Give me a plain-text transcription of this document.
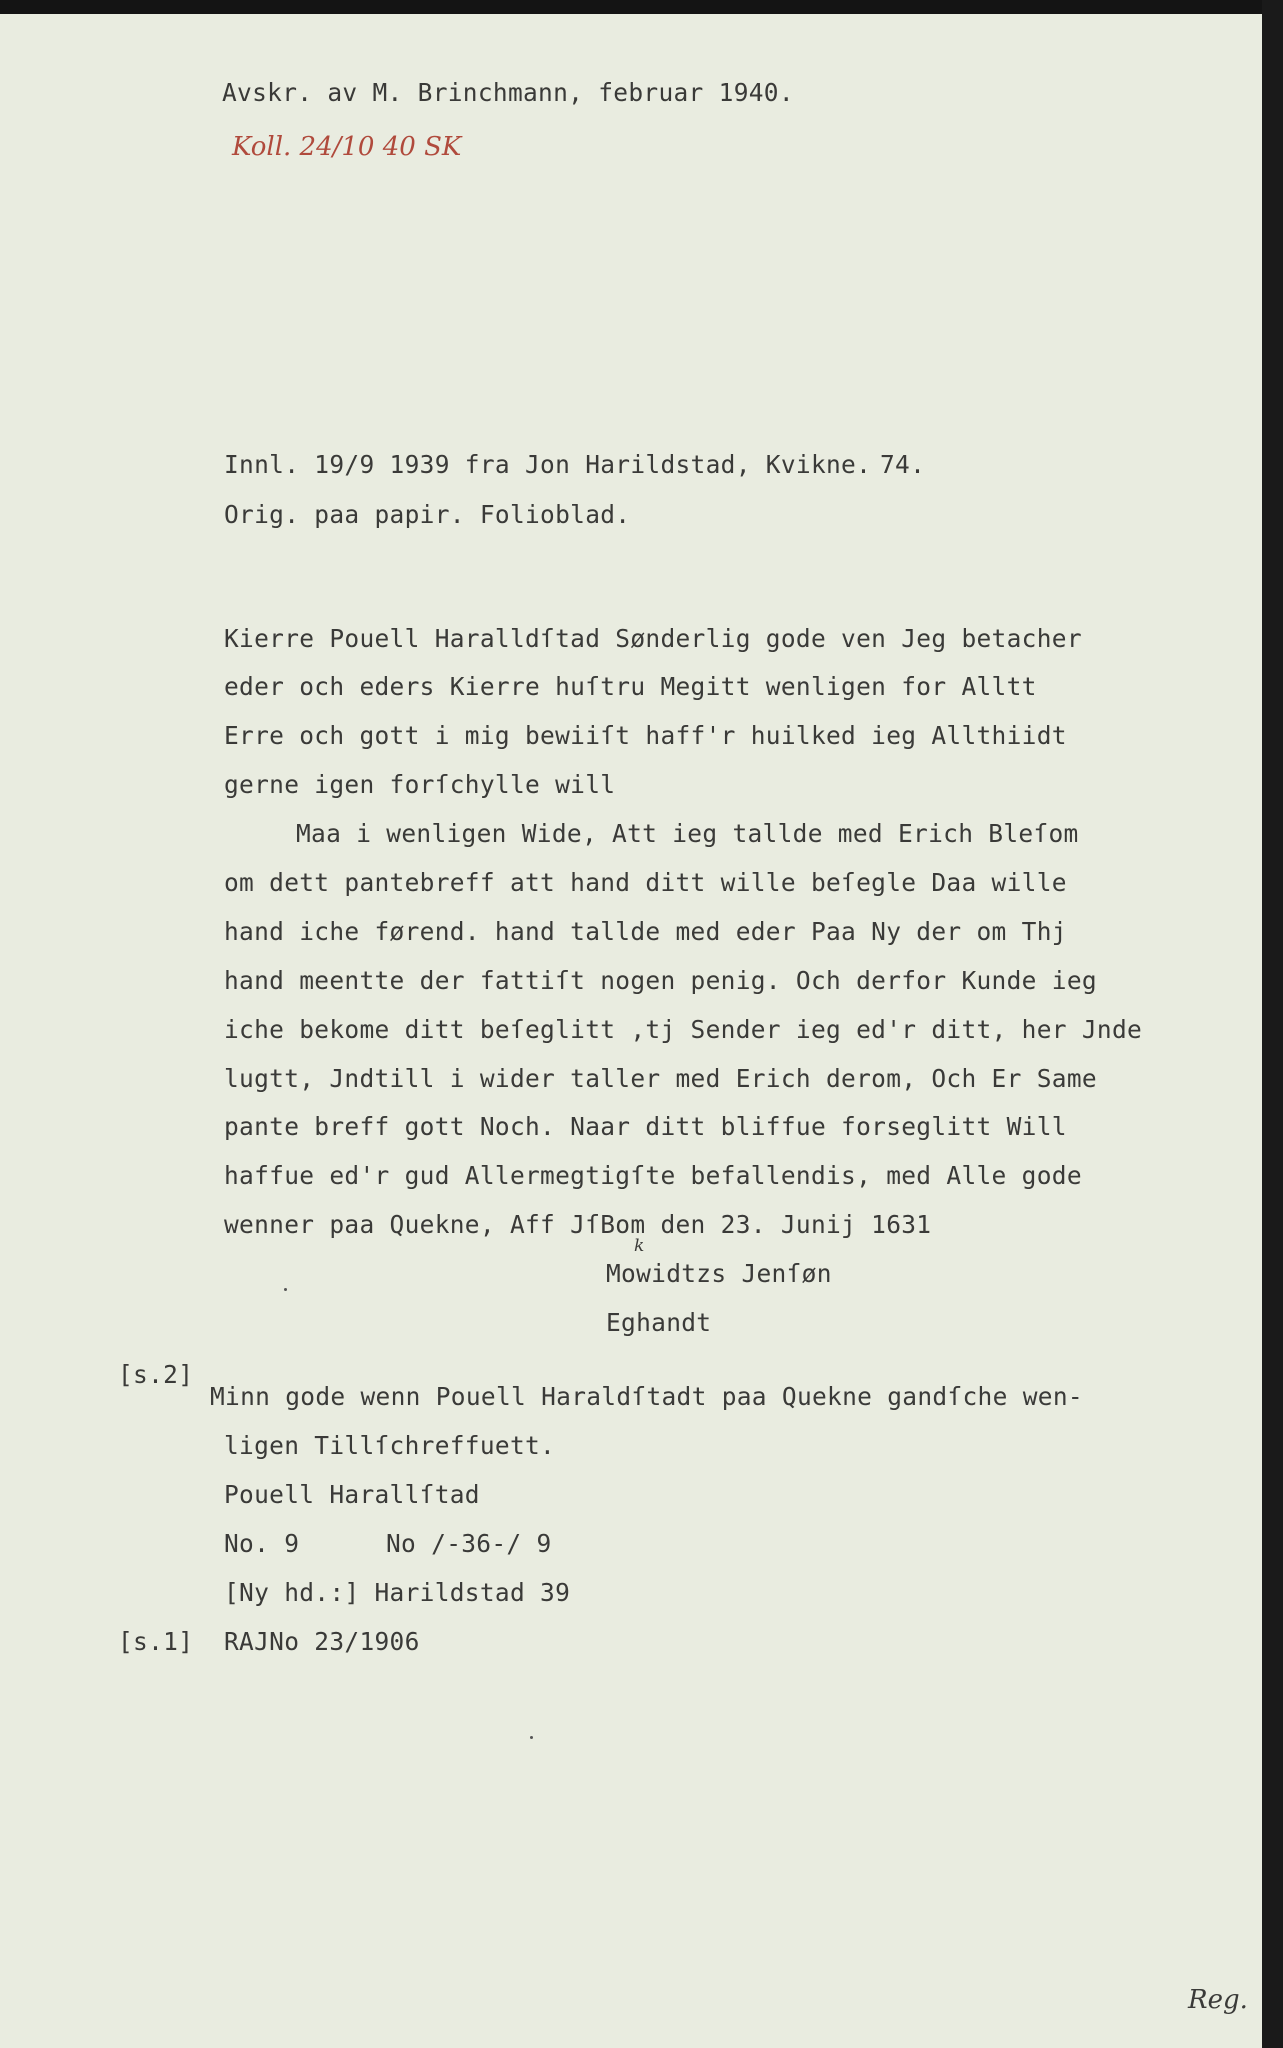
Avskr. av M. Brinchmann, februar 1940.
Koll. 24/10 40 SK
Innl. 19/9 1939 fra Jon Harildstad, Kvikne. 74.
Orig. paa papir. Folioblad.
Kierre Pouell Haralldſtad Sønderlig gode ven Jeg betacher
eder och eders Kierre huſtru Megitt wenligen for Alltt
Erre och gott i mig bewiiſt haff'r huilked ieg Allthiidt
gerne igen forſchylle will
Maa i wenligen Wide, Att ieg tallde med Erich Bleſom
om dett pantebreff att hand ditt wille beſegle Daa wille
hand iche førend. hand tallde med eder Paa Ny der om Thj
hand meentte der fattiſt nogen penig. Och derfor Kunde ieg
iche bekome ditt beſeglitt ,tj Sender ieg ed'r ditt, her Jnde
lugtt, Jndtill i wider taller med Erich derom, Och Er Same
pante breff gott Noch. Naar ditt bliffue forseglitt Will
haffue ed'r gud Allermegtigſte befallendis, med Alle gode
wenner paa Quekne, Aff JſBom den 23. Junij 1631
k
Mowidtzs Jenſøn
Eghandt
[s.2]
Minn gode wenn Pouell Haraldſtadt paa Quekne gandſche wen-
ligen Tillſchreffuett.
Pouell Harallſtad
No. 9	No /-36-/ 9
[Ny hd.:] Harildstad 39
[s.1] RAJNo 23/1906
Reg.
